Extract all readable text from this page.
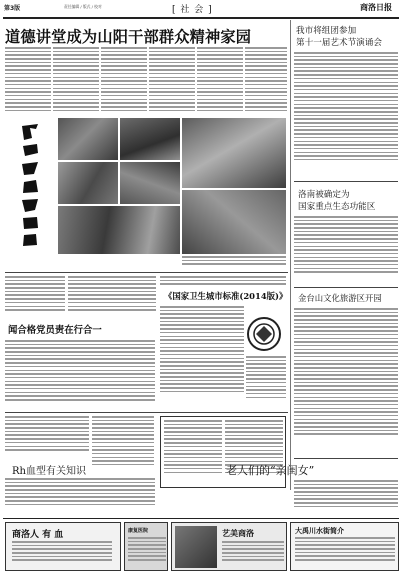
第3版	责任编辑 / 版式 / 校对	[ 社 会 ]	商洛日报
道德讲堂成为山阳干部群众精神家园
闻合格党员责在行合一
《国家卫生城市标准(2014版)》
Rh血型有关知识
我市将组团参加
第十一届艺术节演诵会
洛南被确定为
国家重点生态功能区
金台山文化旅游区开园
老人们的“亲闺女”
商洛人 有 血	康复医院	艺美商洛	大禹川水街简介
